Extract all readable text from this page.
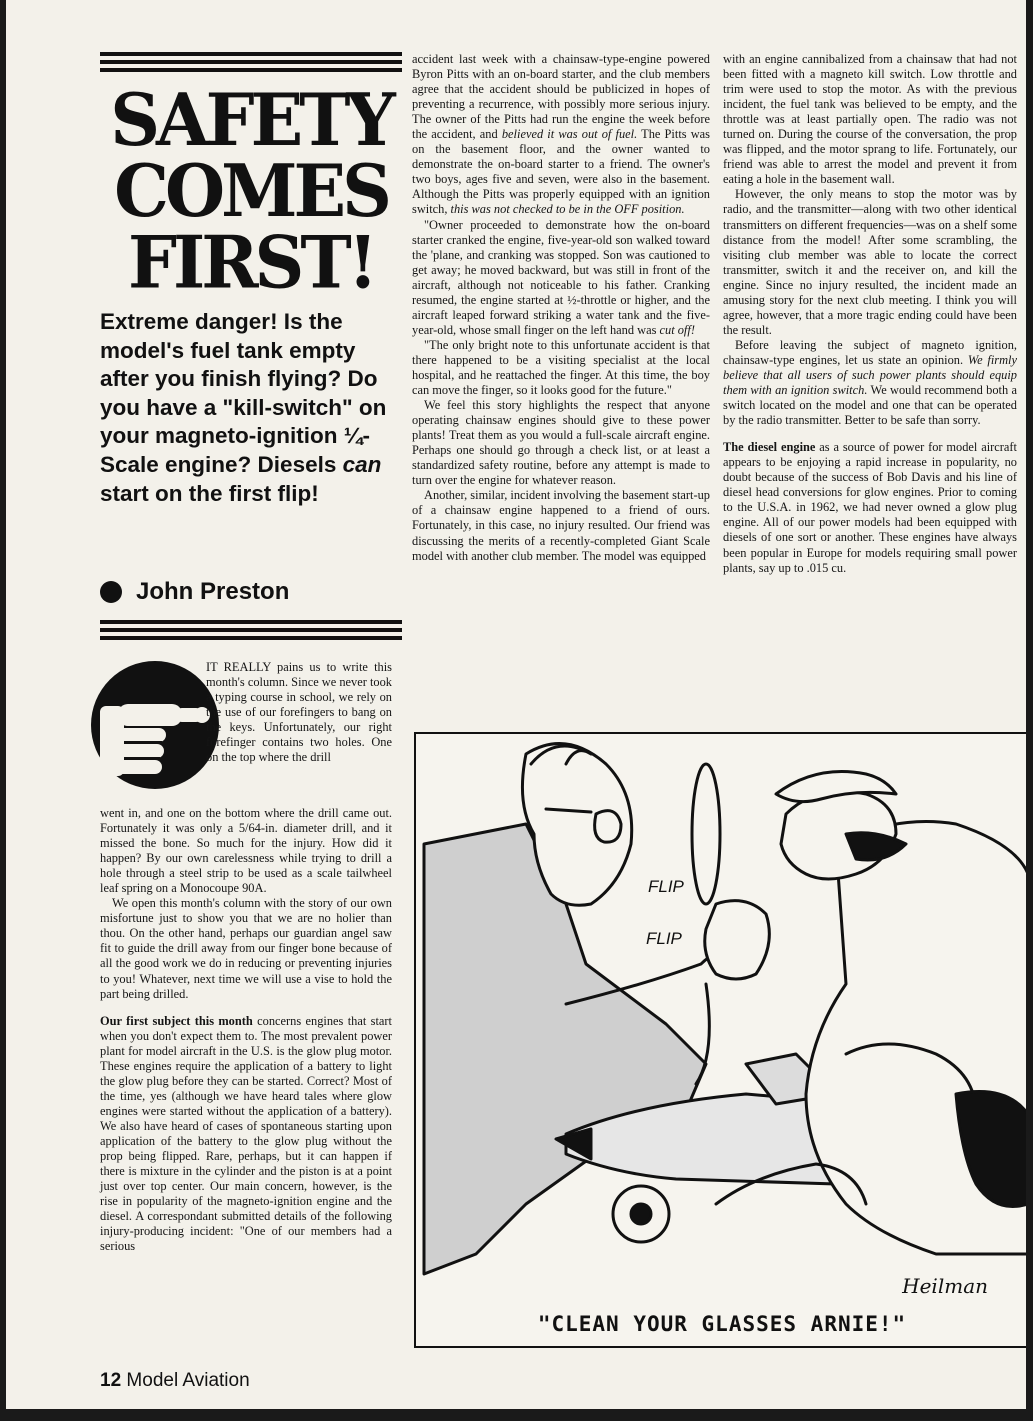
SAFETY
COMES
FIRST!
Extreme danger! Is the model's fuel tank empty after you finish flying? Do you have a "kill-switch" on your magneto-ignition ¼-Scale engine? Diesels can start on the first flip!
John Preston
IT REALLY pains us to write this month's column. Since we never took a typing course in school, we rely on the use of our forefingers to bang on the keys. Unfortunately, our right forefinger contains two holes. One on the top where the drill

went in, and one on the bottom where the drill came out. Fortunately it was only a 5/64-in. diameter drill, and it missed the bone. So much for the injury. How did it happen? By our own carelessness while trying to drill a hole through a steel strip to be used as a scale tailwheel leaf spring on a Monocoupe 90A.

We open this month's column with the story of our own misfortune just to show you that we are no holier than thou. On the other hand, perhaps our guardian angel saw fit to guide the drill away from our finger bone because of all the good work we do in reducing or preventing injuries to you! Whatever, next time we will use a vise to hold the part being drilled.

Our first subject this month concerns engines that start when you don't expect them to. The most prevalent power plant for model aircraft in the U.S. is the glow plug motor. These engines require the application of a battery to light the glow plug before they can be started. Correct? Most of the time, yes (although we have heard tales where glow engines were started without the application of a battery). We also have heard of cases of spontaneous starting upon application of the battery to the glow plug without the prop being flipped. Rare, perhaps, but it can happen if there is mixture in the cylinder and the piston is at a point just over top center. Our main concern, however, is the rise in popularity of the magneto-ignition engine and the diesel. A correspondant submitted details of the following injury-producing incident: "One of our members had a serious

accident last week with a chainsaw-type-engine powered Byron Pitts with an on-board starter, and the club members agree that the accident should be publicized in hopes of preventing a recurrence, with possibly more serious injury. The owner of the Pitts had run the engine the week before the accident, and believed it was out of fuel. The Pitts was on the basement floor, and the owner wanted to demonstrate the on-board starter to a friend. The owner's two boys, ages five and seven, were also in the basement. Although the Pitts was properly equipped with an ignition switch, this was not checked to be in the OFF position.

"Owner proceeded to demonstrate how the on-board starter cranked the engine, five-year-old son walked toward the 'plane, and cranking was stopped. Son was cautioned to get away; he moved backward, but was still in front of the aircraft, although not noticeable to his father. Cranking resumed, the engine started at ½-throttle or higher, and the aircraft leaped forward striking a water tank and the five-year-old, whose small finger on the left hand was cut off!

"The only bright note to this unfortunate accident is that there happened to be a visiting specialist at the local hospital, and he reattached the finger. At this time, the boy can move the finger, so it looks good for the future."

We feel this story highlights the respect that anyone operating chainsaw engines should give to these power plants! Treat them as you would a full-scale aircraft engine. Perhaps one should go through a check list, or at least a standardized safety routine, before any attempt is made to turn over the engine for whatever reason.

Another, similar, incident involving the basement start-up of a chainsaw engine happened to a friend of ours. Fortunately, in this case, no injury resulted. Our friend was discussing the merits of a recently-completed Giant Scale model with another club member. The model was equipped

with an engine cannibalized from a chainsaw that had not been fitted with a magneto kill switch. Low throttle and trim were used to stop the motor. As with the previous incident, the fuel tank was believed to be empty, and the throttle was at least partially open. The radio was not turned on. During the course of the conversation, the prop was flipped, and the motor sprang to life. Fortunately, our friend was able to arrest the model and prevent it from eating a hole in the basement wall.

However, the only means to stop the motor was by radio, and the transmitter—along with two other identical transmitters on different frequencies—was on a shelf some distance from the model! After some scrambling, the visiting club member was able to locate the correct transmitter, switch it and the receiver on, and kill the engine. Since no injury resulted, the incident made an amusing story for the next club meeting. I think you will agree, however, that a more tragic ending could have been the result.

Before leaving the subject of magneto ignition, chainsaw-type engines, let us state an opinion. We firmly believe that all users of such power plants should equip them with an ignition switch. We would recommend both a switch located on the model and one that can be operated by the radio transmitter. Better to be safe than sorry.

The diesel engine as a source of power for model aircraft appears to be enjoying a rapid increase in popularity, no doubt because of the success of Bob Davis and his line of diesel head conversions for glow engines. Prior to coming to the U.S.A. in 1962, we had never owned a glow plug engine. All of our power models had been equipped with diesels of one sort or another. These engines have always been popular in Europe for models requiring small power plants, say up to .015 cu.

FLIP
FLIP
Heilman
"CLEAN YOUR GLASSES ARNIE!"
12 Model Aviation
